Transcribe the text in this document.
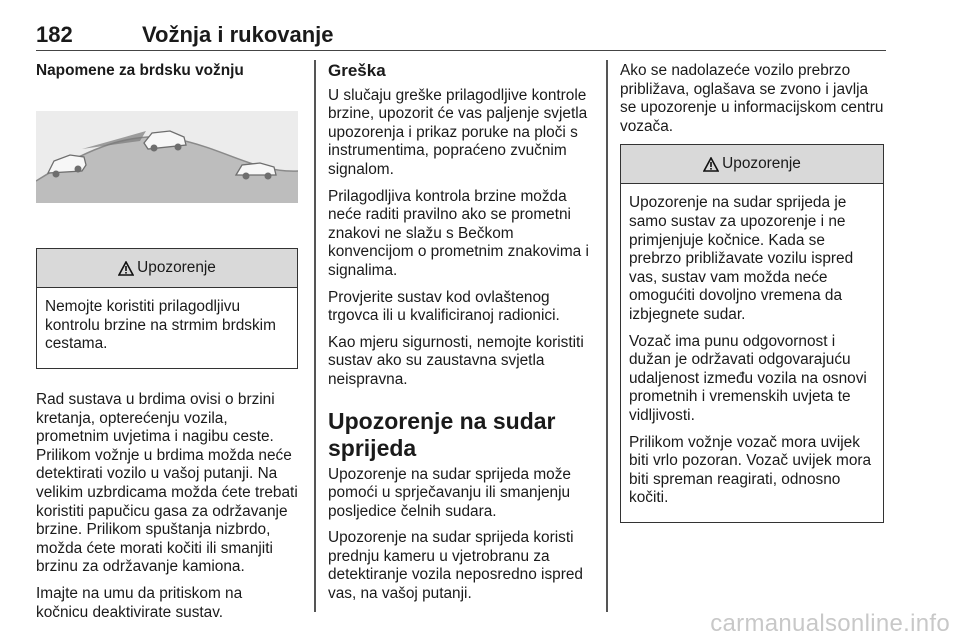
182	Vožnja i rukovanje
Napomene za brdsku vožnju
Upozorenje

Nemojte koristiti prilagodljivu kontrolu brzine na strmim brdskim cestama.

Rad sustava u brdima ovisi o brzini kretanja, opterećenju vozila, prometnim uvjetima i nagibu ceste. Prilikom vožnje u brdima možda neće detektirati vozilo u vašoj putanji. Na velikim uzbrdicama možda ćete trebati koristiti papučicu gasa za održavanje brzine. Prilikom spuštanja nizbrdo, možda ćete morati kočiti ili smanjiti brzinu za održavanje kamiona.

Imajte na umu da pritiskom na kočnicu deaktivirate sustav.

Greška

U slučaju greške prilagodljive kontrole brzine, upozorit će vas paljenje svjetla upozorenja i prikaz poruke na ploči s instrumentima, popraćeno zvučnim signalom.

Prilagodljiva kontrola brzine možda neće raditi pravilno ako se prometni znakovi ne slažu s Bečkom konvencijom o prometnim znakovima i signalima.

Provjerite sustav kod ovlaštenog trgovca ili u kvalificiranoj radionici.

Kao mjeru sigurnosti, nemojte koristiti sustav ako su zaustavna svjetla neispravna.

Upozorenje na sudar sprijeda

Upozorenje na sudar sprijeda može pomoći u sprječavanju ili smanjenju posljedice čelnih sudara.

Upozorenje na sudar sprijeda koristi prednju kameru u vjetrobranu za detektiranje vozila neposredno ispred vas, na vašoj putanji.

Ako se nadolazeće vozilo prebrzo približava, oglašava se zvono i javlja se upozorenje u informacijskom centru vozača.

Upozorenje

Upozorenje na sudar sprijeda je samo sustav za upozorenje i ne primjenjuje kočnice. Kada se prebrzo približavate vozilu ispred vas, sustav vam možda neće omogućiti dovoljno vremena da izbjegnete sudar.

Vozač ima punu odgovornost i dužan je održavati odgovarajuću udaljenost između vozila na osnovi prometnih i vremenskih uvjeta te vidljivosti.

Prilikom vožnje vozač mora uvijek biti vrlo pozoran. Vozač uvijek mora biti spreman reagirati, odnosno kočiti.

carmanualsonline.info
